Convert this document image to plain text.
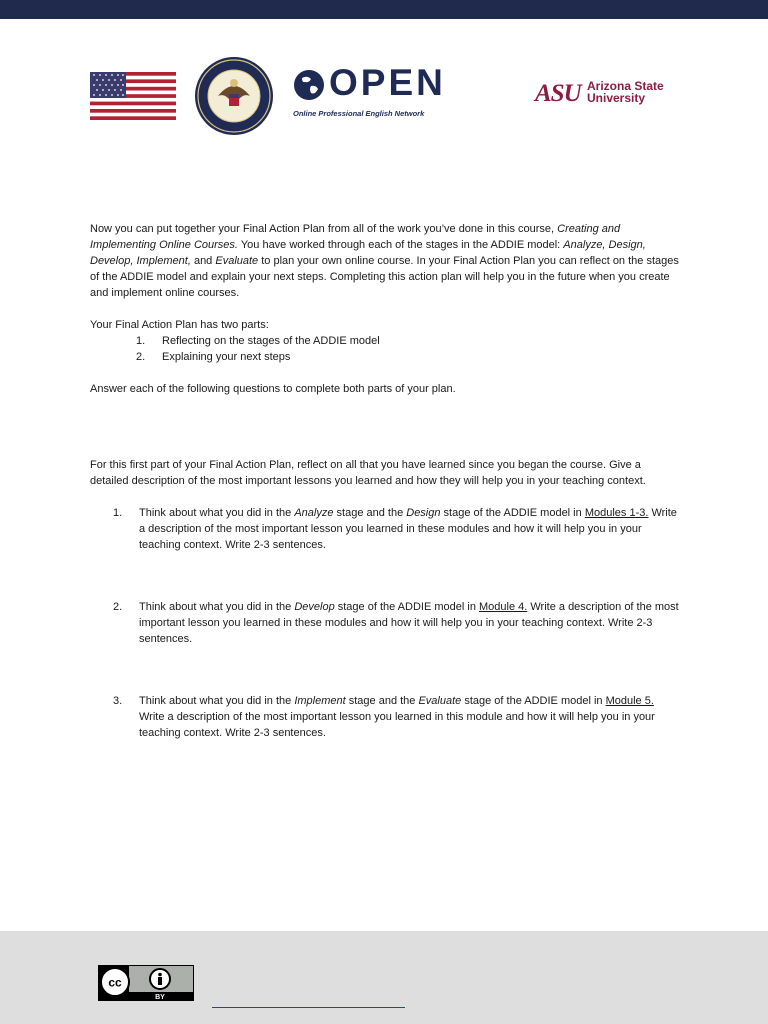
OPEN
Online Professional English Network
ASU Arizona State
University

Now you can put together your Final Action Plan from all of the work you’ve done in this course, Creating and Implementing Online Courses. You have worked through each of the stages in the ADDIE model: Analyze, Design, Develop, Implement, and Evaluate to plan your own online course. In your Final Action Plan you can reflect on the stages of the ADDIE model and explain your next steps. Completing this action plan will help you in the future when you create and implement online courses.

Your Final Action Plan has two parts:

1. Reflecting on the stages of the ADDIE model
2. Explaining your next steps

Answer each of the following questions to complete both parts of your plan.

For this first part of your Final Action Plan, reflect on all that you have learned since you began the course. Give a detailed description of the most important lessons you learned and how they will help you in your teaching context.

1. Think about what you did in the Analyze stage and the Design stage of the ADDIE model in Modules 1-3. Write a description of the most important lesson you learned in these modules and how it will help you in your teaching context. Write 2-3 sentences.
2. Think about what you did in the Develop stage of the ADDIE model in Module 4. Write a description of the most important lesson you learned in these modules and how it will help you in your teaching context. Write 2-3 sentences.
3. Think about what you did in the Implement stage and the Evaluate stage of the ADDIE model in Module 5. Write a description of the most important lesson you learned in this module and how it will help you in your teaching context. Write 2-3 sentences.
cc
BY
